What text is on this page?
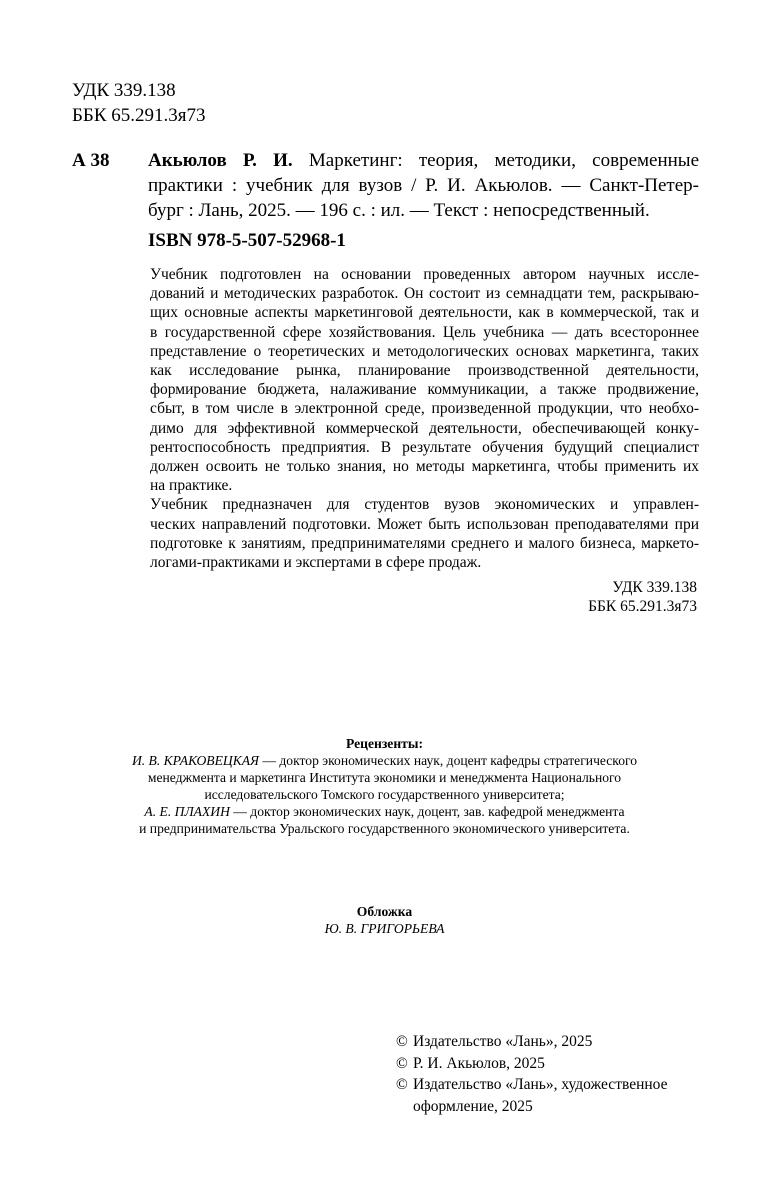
УДК 339.138
ББК 65.291.3я73
А 38 Акьюлов Р. И. Маркетинг: теория, методики, современные
практики : учебник для вузов / Р. И. Акьюлов. — Санкт-Петер-
бург : Лань, 2025. — 196 с. : ил. — Текст : непосредственный.
ISBN 978-5-507-52968-1

Учебник подготовлен на основании проведенных автором научных иссле-
дований и методических разработок. Он состоит из семнадцати тем, раскрываю-
щих основные аспекты маркетинговой деятельности, как в коммерческой, так и
в государственной сфере хозяйствования. Цель учебника — дать всестороннее
представление о теоретических и методологических основах маркетинга, таких
как исследование рынка, планирование производственной деятельности,
формирование бюджета, налаживание коммуникации, а также продвижение,
сбыт, в том числе в электронной среде, произведенной продукции, что необхо-
димо для эффективной коммерческой деятельности, обеспечивающей конку-
рентоспособность предприятия. В результате обучения будущий специалист
должен освоить не только знания, но методы маркетинга, чтобы применить их
на практике.

Учебник предназначен для студентов вузов экономических и управлен-
ческих направлений подготовки. Может быть использован преподавателями при
подготовке к занятиям, предпринимателями среднего и малого бизнеса, маркето-
логами-практиками и экспертами в сфере продаж.

УДК 339.138
ББК 65.291.3я73
Рецензенты:
И. В. КРАКОВЕЦКАЯ — доктор экономических наук, доцент кафедры стратегического
менеджмента и маркетинга Института экономики и менеджмента Национального
исследовательского Томского государственного университета;
А. Е. ПЛАХИН — доктор экономических наук, доцент, зав. кафедрой менеджмента
и предпринимательства Уральского государственного экономического университета.
Обложка
Ю. В. ГРИГОРЬЕВА
© Издательство «Лань», 2025
© Р. И. Акьюлов, 2025
© Издательство «Лань», художественное
оформление, 2025
